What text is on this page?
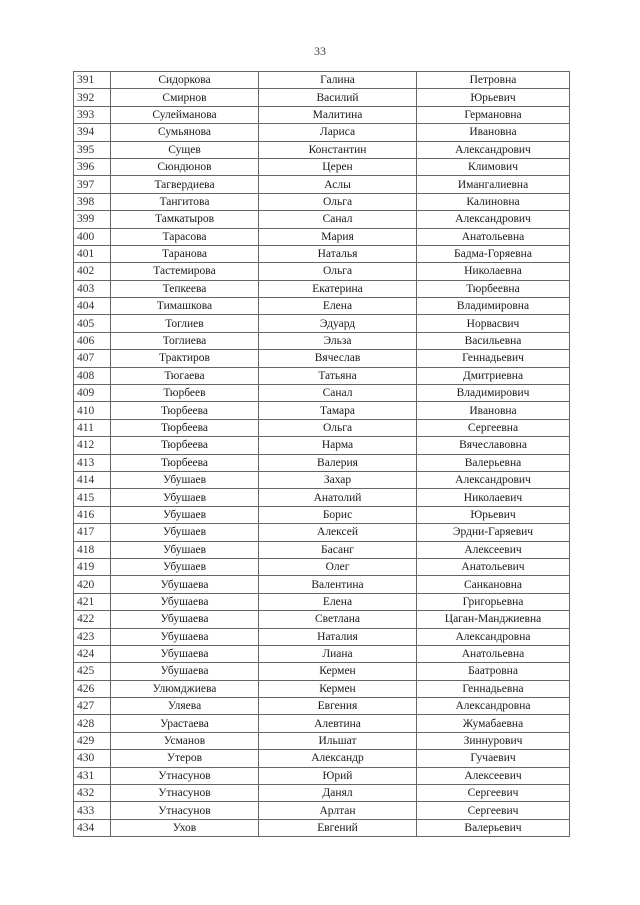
33
391	Сидоркова	Галина	Петровна
392	Смирнов	Василий	Юрьевич
393	Сулейманова	Малитина	Германовна
394	Сумьянова	Лариса	Ивановна
395	Сущев	Константин	Александрович
396	Сюндюнов	Церен	Климович
397	Тагвердиева	Аслы	Имангалиевна
398	Тангитова	Ольга	Калиновна
399	Тамкатыров	Санал	Александрович
400	Тарасова	Мария	Анатольевна
401	Таранова	Наталья	Бадма-Горяевна
402	Тастемирова	Ольга	Николаевна
403	Тепкеева	Екатерина	Тюрбеевна
404	Тимашкова	Елена	Владимировна
405	Тоглиев	Эдуард	Норвасвич
406	Тоглиева	Эльза	Васильевна
407	Трактиров	Вячеслав	Геннадьевич
408	Тюгаева	Татьяна	Дмитриевна
409	Тюрбеев	Санал	Владимирович
410	Тюрбеева	Тамара	Ивановна
411	Тюрбеева	Ольга	Сергеевна
412	Тюрбеева	Нарма	Вячеславовна
413	Тюрбеева	Валерия	Валерьевна
414	Убушаев	Захар	Александрович
415	Убушаев	Анатолий	Николаевич
416	Убушаев	Борис	Юрьевич
417	Убушаев	Алексей	Эрдни-Гаряевич
418	Убушаев	Басанг	Алексеевич
419	Убушаев	Олег	Анатольевич
420	Убушаева	Валентина	Санкановна
421	Убушаева	Елена	Григорьевна
422	Убушаева	Светлана	Цаган-Манджиевна
423	Убушаева	Наталия	Александровна
424	Убушаева	Лиана	Анатольевна
425	Убушаева	Кермен	Баатровна
426	Улюмджиева	Кермен	Геннадьевна
427	Уляева	Евгения	Александровна
428	Урастаева	Алевтина	Жумабаевна
429	Усманов	Ильшат	Зиннурович
430	Утеров	Александр	Гучаевич
431	Утнасунов	Юрий	Алексеевич
432	Утнасунов	Данял	Сергеевич
433	Утнасунов	Арлтан	Сергеевич
434	Ухов	Евгений	Валерьевич
